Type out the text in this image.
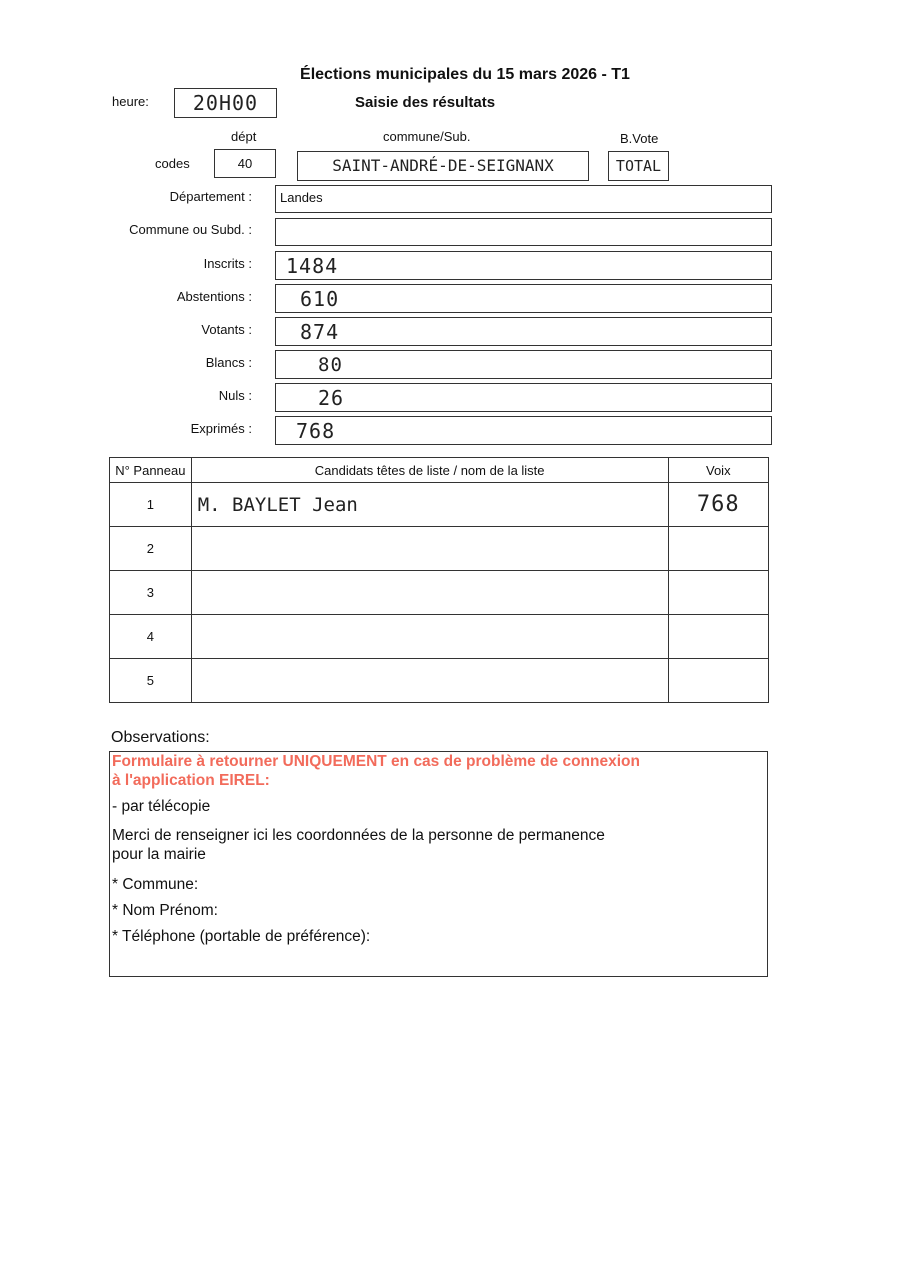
Élections municipales du 15 mars 2026 - T1
heure:	20H00	Saisie des résultats
dépt	commune/Sub.	B.Vote
codes	40	SAINT-ANDRÉ-DE-SEIGNANX	TOTAL
Département :	Landes
Commune ou Subd. :
Inscrits :	1484
Abstentions :	610
Votants :	874
Blancs :	80
Nuls :	26
Exprimés :	768
N° Panneau	Candidats têtes de liste / nom de la liste	Voix
1	M. BAYLET Jean	768
2		
3		
4		
5		
Observations:
Formulaire à retourner UNIQUEMENT en cas de problème de connexion
à l'application EIREL:
- par télécopie
Merci de renseigner ici les coordonnées de la personne de permanence
pour la mairie
* Commune:
* Nom Prénom:
* Téléphone (portable de préférence):
